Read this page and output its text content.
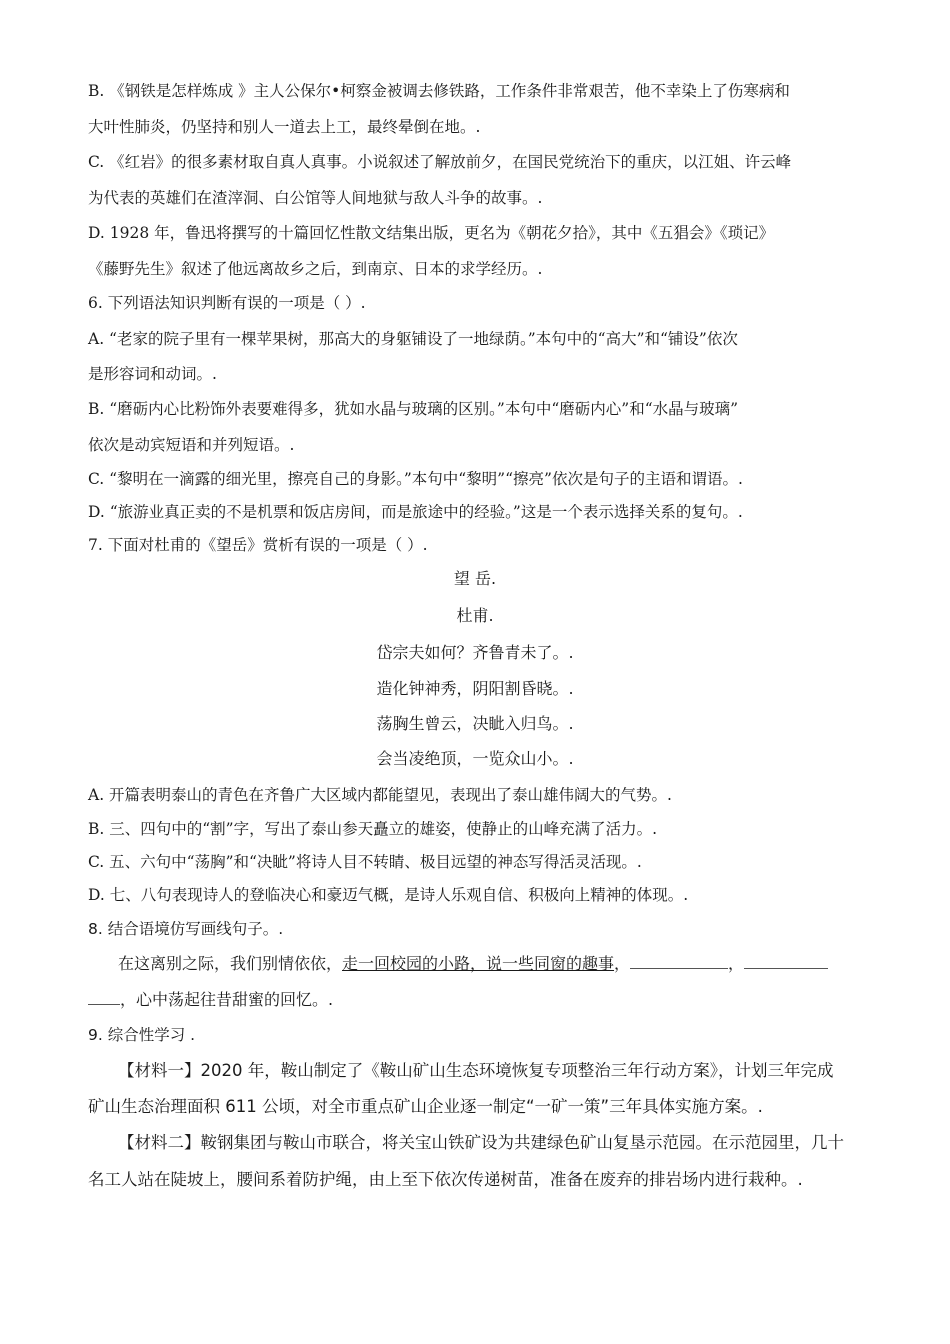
B. 《钢铁是怎样炼成 》主人公保尔•柯察金被调去修铁路，工作条件非常艰苦，他不幸染上了伤寒病和
大叶性肺炎，仍坚持和别人一道去上工，最终晕倒在地。.
C. 《红岩》的很多素材取自真人真事。小说叙述了解放前夕，在国民党统治下的重庆，以江姐、许云峰
为代表的英雄们在渣滓洞、白公馆等人间地狱与敌人斗争的故事。.
D. 1928 年，鲁迅将撰写的十篇回忆性散文结集出版，更名为《朝花夕拾》，其中《五猖会》《琐记》
《藤野先生》叙述了他远离故乡之后，到南京、日本的求学经历。.
6. 下列语法知识判断有误的一项是（ ）.
A. “老家的院子里有一棵苹果树，那高大的身躯铺设了一地绿荫。”本句中的“高大”和“铺设”依次
是形容词和动词。.
B. “磨砺内心比粉饰外表要难得多，犹如水晶与玻璃的区别。”本句中“磨砺内心”和“水晶与玻璃”
依次是动宾短语和并列短语。.
C. “黎明在一滴露的细光里，擦亮自己的身影。”本句中“黎明”“擦亮”依次是句子的主语和谓语。.
D. “旅游业真正卖的不是机票和饭店房间，而是旅途中的经验。”这是一个表示选择关系的复句。.
7. 下面对杜甫的《望岳》赏析有误的一项是（ ）.
望 岳.
杜甫.
岱宗夫如何？齐鲁青未了。.
造化钟神秀，阴阳割昏晓。.
荡胸生曾云，决眦入归鸟。.
会当凌绝顶，一览众山小。.
A. 开篇表明泰山的青色在齐鲁广大区域内都能望见，表现出了泰山雄伟阔大的气势。.
B. 三、四句中的“割”字，写出了泰山参天矗立的雄姿，使静止的山峰充满了活力。.
C. 五、六句中“荡胸”和“决眦”将诗人目不转睛、极目远望的神态写得活灵活现。.
D. 七、八句表现诗人的登临决心和豪迈气概，是诗人乐观自信、积极向上精神的体现。.
8. 结合语境仿写画线句子。.
在这离别之际，我们别情依依，走一回校园的小路，说一些同窗的趣事，	，
，心中荡起往昔甜蜜的回忆。.
9. 综合性学习 .
【材料一】2020 年，鞍山制定了《鞍山矿山生态环境恢复专项整治三年行动方案》，计划三年完成
矿山生态治理面积 611 公顷，对全市重点矿山企业逐一制定“一矿一策”三年具体实施方案。.
【材料二】鞍钢集团与鞍山市联合，将关宝山铁矿设为共建绿色矿山复垦示范园。在示范园里，几十
名工人站在陡坡上，腰间系着防护绳，由上至下依次传递树苗，准备在废弃的排岩场内进行栽种。.
